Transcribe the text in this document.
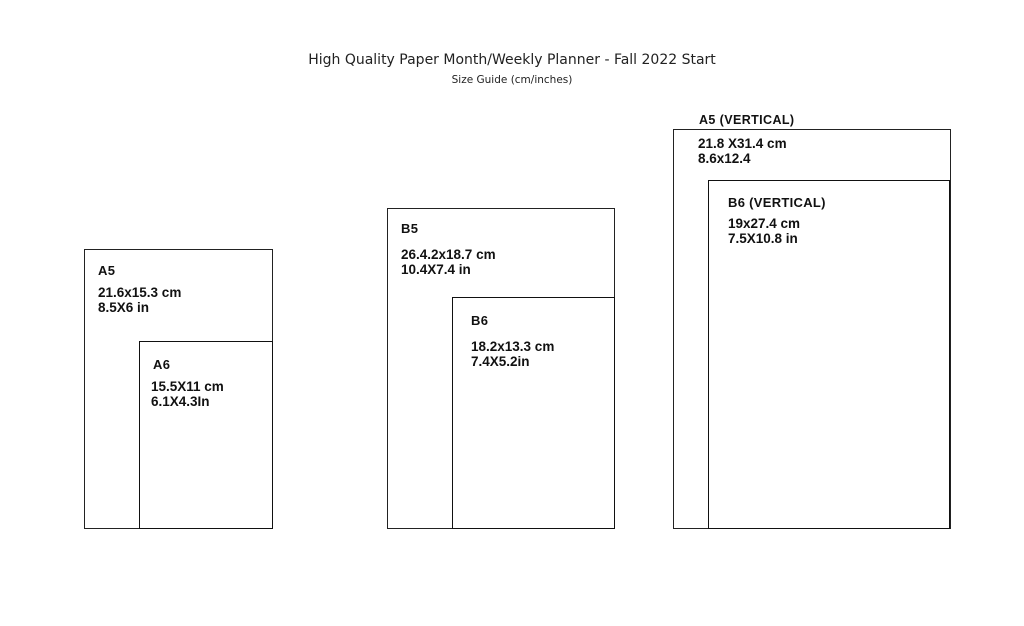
High Quality Paper Month/Weekly Planner - Fall 2022 Start
Size Guide (cm/inches)
A5
21.6x15.3 cm
8.5X6 in
A6
15.5X11 cm
6.1X4.3In
B5
26.4.2x18.7 cm
10.4X7.4 in
B6
18.2x13.3 cm
7.4X5.2in
A5 (VERTICAL)
21.8 X31.4 cm
8.6x12.4
B6 (VERTICAL)
19x27.4 cm
7.5X10.8 in
